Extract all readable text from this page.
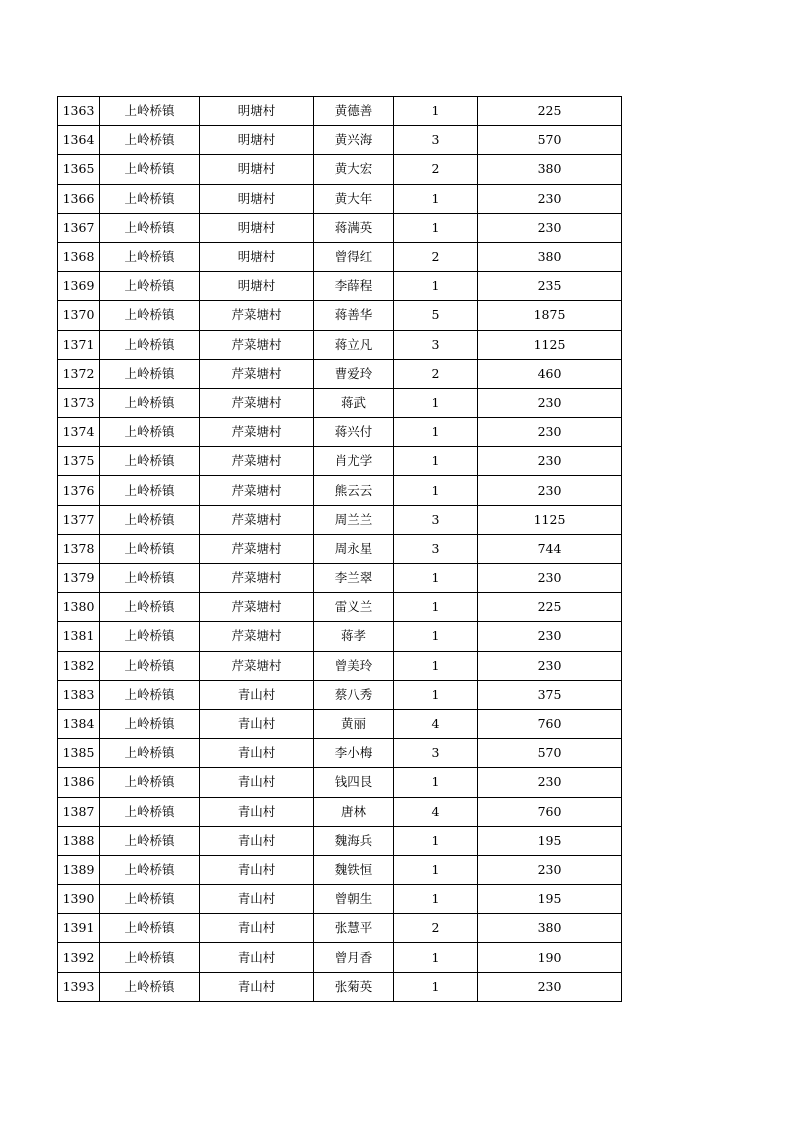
1363	上岭桥镇	明塘村	黄德善	1	225
1364	上岭桥镇	明塘村	黄兴海	3	570
1365	上岭桥镇	明塘村	黄大宏	2	380
1366	上岭桥镇	明塘村	黄大年	1	230
1367	上岭桥镇	明塘村	蒋满英	1	230
1368	上岭桥镇	明塘村	曾得红	2	380
1369	上岭桥镇	明塘村	李薛程	1	235
1370	上岭桥镇	芹菜塘村	蒋善华	5	1875
1371	上岭桥镇	芹菜塘村	蒋立凡	3	1125
1372	上岭桥镇	芹菜塘村	曹爱玲	2	460
1373	上岭桥镇	芹菜塘村	蒋武	1	230
1374	上岭桥镇	芹菜塘村	蒋兴付	1	230
1375	上岭桥镇	芹菜塘村	肖尤学	1	230
1376	上岭桥镇	芹菜塘村	熊云云	1	230
1377	上岭桥镇	芹菜塘村	周兰兰	3	1125
1378	上岭桥镇	芹菜塘村	周永星	3	744
1379	上岭桥镇	芹菜塘村	李兰翠	1	230
1380	上岭桥镇	芹菜塘村	雷义兰	1	225
1381	上岭桥镇	芹菜塘村	蒋孝	1	230
1382	上岭桥镇	芹菜塘村	曾美玲	1	230
1383	上岭桥镇	青山村	蔡八秀	1	375
1384	上岭桥镇	青山村	黄丽	4	760
1385	上岭桥镇	青山村	李小梅	3	570
1386	上岭桥镇	青山村	钱四艮	1	230
1387	上岭桥镇	青山村	唐林	4	760
1388	上岭桥镇	青山村	魏海兵	1	195
1389	上岭桥镇	青山村	魏铁恒	1	230
1390	上岭桥镇	青山村	曾朝生	1	195
1391	上岭桥镇	青山村	张慧平	2	380
1392	上岭桥镇	青山村	曾月香	1	190
1393	上岭桥镇	青山村	张菊英	1	230
